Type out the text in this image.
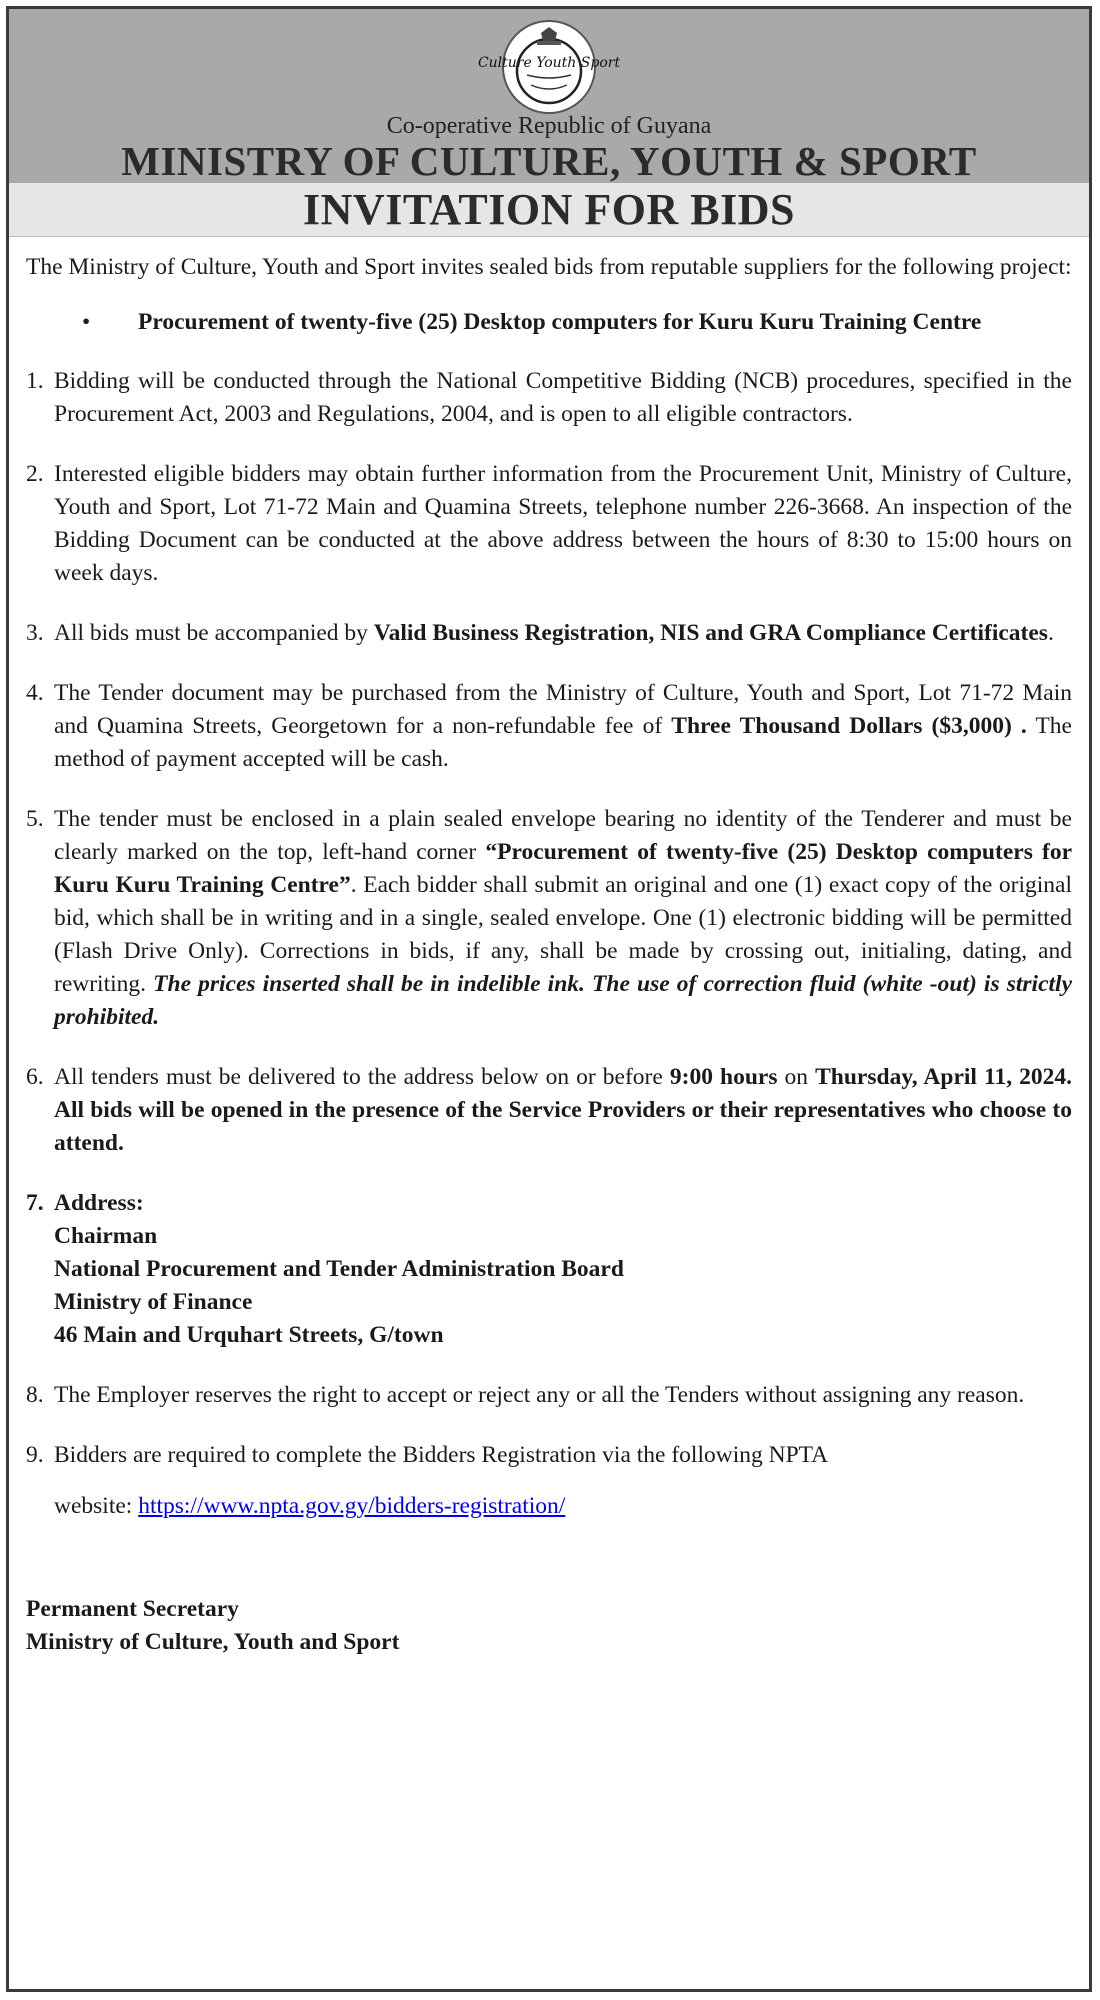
Culture Youth Sport
Co-operative Republic of Guyana
MINISTRY OF CULTURE, YOUTH & SPORT
INVITATION FOR BIDS

The Ministry of Culture, Youth and Sport invites sealed bids from reputable suppliers for the following project:

• Procurement of twenty-five (25) Desktop computers for Kuru Kuru Training Centre
1. Bidding will be conducted through the National Competitive Bidding (NCB) procedures, specified in the Procurement Act, 2003 and Regulations, 2004, and is open to all eligible contractors.
2. Interested eligible bidders may obtain further information from the Procurement Unit, Ministry of Culture, Youth and Sport, Lot 71-72 Main and Quamina Streets, telephone number 226-3668. An inspection of the Bidding Document can be conducted at the above address between the hours of 8:30 to 15:00 hours on week days.
3. All bids must be accompanied by Valid Business Registration, NIS and GRA Compliance Certificates.
4. The Tender document may be purchased from the Ministry of Culture, Youth and Sport, Lot 71-72 Main and Quamina Streets, Georgetown for a non-refundable fee of Three Thousand Dollars ($3,000) . The method of payment accepted will be cash.
5. The tender must be enclosed in a plain sealed envelope bearing no identity of the Tenderer and must be clearly marked on the top, left-hand corner “Procurement of twenty-five (25) Desktop computers for Kuru Kuru Training Centre”. Each bidder shall submit an original and one (1) exact copy of the original bid, which shall be in writing and in a single, sealed envelope. One (1) electronic bidding will be permitted (Flash Drive Only). Corrections in bids, if any, shall be made by crossing out, initialing, dating, and rewriting. The prices inserted shall be in indelible ink. The use of correction fluid (white -out) is strictly prohibited.
6. All tenders must be delivered to the address below on or before 9:00 hours on Thursday, April 11, 2024. All bids will be opened in the presence of the Service Providers or their representatives who choose to attend.
7. Address:
Chairman
National Procurement and Tender Administration Board
Ministry of Finance
46 Main and Urquhart Streets, G/town
8. The Employer reserves the right to accept or reject any or all the Tenders without assigning any reason.
9. Bidders are required to complete the Bidders Registration via the following NPTA
website: https://www.npta.gov.gy/bidders-registration/
Permanent Secretary
Ministry of Culture, Youth and Sport
